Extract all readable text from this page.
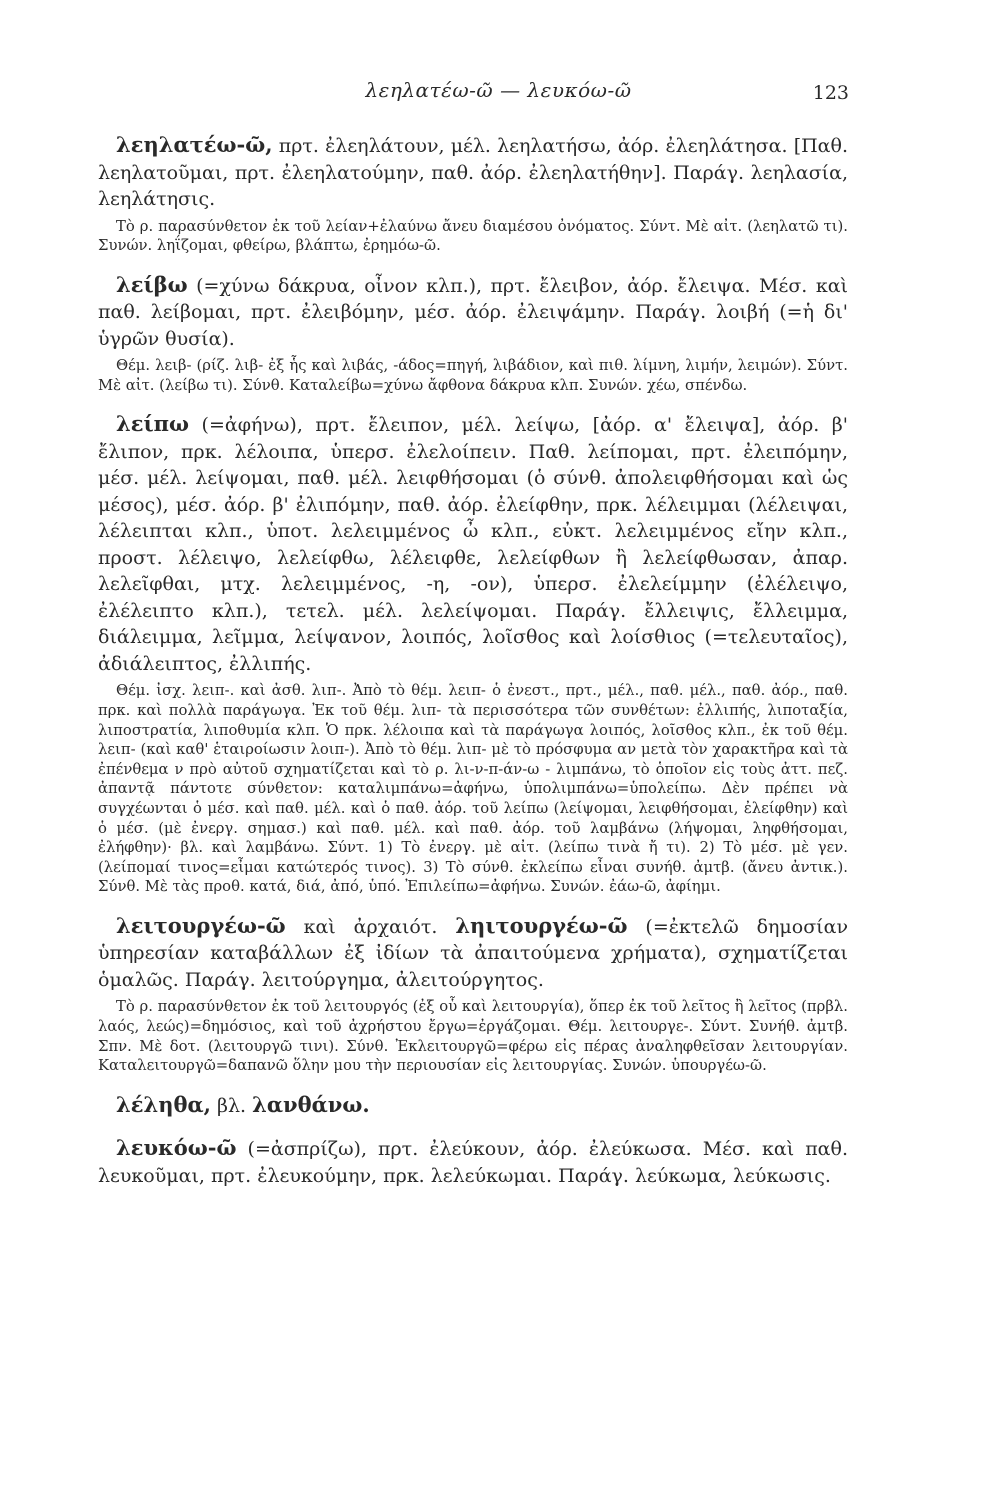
λεηλατέω-ῶ — λευκόω-ῶ	123

λεηλατέω-ῶ, πρτ. ἐλεηλάτουν, μέλ. λεηλατήσω, ἀόρ. ἐλεηλάτησα. [Παθ. λεηλατοῦμαι, πρτ. ἐλεηλατούμην, παθ. ἀόρ. ἐλεηλατήθην]. Παράγ. λεηλασία, λεηλάτησις.

Τὸ ρ. παρασύνθετον ἐκ τοῦ λείαν+ἐλαύνω ἄνευ διαμέσου ὀνόματος. Σύντ. Μὲ αἰτ. (λεηλατῶ τι). Συνών. ληΐζομαι, φθείρω, βλάπτω, ἐρημόω-ῶ.

λείβω (=χύνω δάκρυα, οἶνον κλπ.), πρτ. ἔλειβον, ἀόρ. ἔλειψα. Μέσ. καὶ παθ. λείβομαι, πρτ. ἐλειβόμην, μέσ. ἀόρ. ἐλειψάμην. Παράγ. λοιβή (=ἡ δι' ὑγρῶν θυσία).

Θέμ. λειβ- (ρίζ. λιβ- ἐξ ἧς καὶ λιβάς, -άδος=πηγή, λιβάδιον, καὶ πιθ. λίμνη, λιμήν, λειμών). Σύντ. Μὲ αἰτ. (λείβω τι). Σύνθ. Καταλείβω=χύνω ἄφθονα δάκρυα κλπ. Συνών. χέω, σπένδω.

λείπω (=ἀφήνω), πρτ. ἔλειπον, μέλ. λείψω, [ἀόρ. α' ἔλειψα], ἀόρ. β' ἔλιπον, πρκ. λέλοιπα, ὑπερσ. ἐλελοίπειν. Παθ. λείπομαι, πρτ. ἐλειπόμην, μέσ. μέλ. λείψομαι, παθ. μέλ. λειφθήσομαι (ὁ σύνθ. ἀπολειφθήσομαι καὶ ὡς μέσος), μέσ. ἀόρ. β' ἐλιπόμην, παθ. ἀόρ. ἐλείφθην, πρκ. λέλειμμαι (λέλειψαι, λέλειπται κλπ., ὑποτ. λελειμμένος ὦ κλπ., εὐκτ. λελειμμένος εἴην κλπ., προστ. λέλειψο, λελείφθω, λέλειφθε, λελείφθων ἢ λελείφθωσαν, ἀπαρ. λελεῖφθαι, μτχ. λελειμμένος, -η, -ον), ὑπερσ. ἐλελείμμην (ἐλέλειψο, ἐλέλειπτο κλπ.), τετελ. μέλ. λελείψομαι. Παράγ. ἔλλειψις, ἔλλειμμα, διάλειμμα, λεῖμμα, λείψανον, λοιπός, λοῖσθος καὶ λοίσθιος (=τελευταῖος), ἀδιάλειπτος, ἐλλιπής.

Θέμ. ἰσχ. λειπ-. καὶ ἀσθ. λιπ-. Ἀπὸ τὸ θέμ. λειπ- ὁ ἐνεστ., πρτ., μέλ., παθ. μέλ., παθ. ἀόρ., παθ. πρκ. καὶ πολλὰ παράγωγα. Ἐκ τοῦ θέμ. λιπ- τὰ περισσότερα τῶν συνθέτων: ἐλλιπής, λιποταξία, λιποστρατία, λιποθυμία κλπ. Ὁ πρκ. λέλοιπα καὶ τὰ παράγωγα λοιπός, λοῖσθος κλπ., ἐκ τοῦ θέμ. λειπ- (καὶ καθ' ἑταιροίωσιν λοιπ-). Ἀπὸ τὸ θέμ. λιπ- μὲ τὸ πρόσφυμα αν μετὰ τὸν χαρακτῆρα καὶ τὰ ἐπένθεμα ν πρὸ αὐτοῦ σχηματίζεται καὶ τὸ ρ. λι-ν-π-άν-ω - λιμπάνω, τὸ ὁποῖον εἰς τοὺς ἀττ. πεζ. ἀπαντᾷ πάντοτε σύνθετον: καταλιμπάνω=ἀφήνω, ὑπολιμπάνω=ὑπολείπω. Δὲν πρέπει νὰ συγχέωνται ὁ μέσ. καὶ παθ. μέλ. καὶ ὁ παθ. ἀόρ. τοῦ λείπω (λείψομαι, λειφθήσομαι, ἐλείφθην) καὶ ὁ μέσ. (μὲ ἐνεργ. σημασ.) καὶ παθ. μέλ. καὶ παθ. ἀόρ. τοῦ λαμβάνω (λήψομαι, ληφθήσομαι, ἐλήφθην)· βλ. καὶ λαμβάνω. Σύντ. 1) Τὸ ἐνεργ. μὲ αἰτ. (λείπω τινὰ ἤ τι). 2) Τὸ μέσ. μὲ γεν. (λείπομαί τινος=εἶμαι κατώτερός τινος). 3) Τὸ σύνθ. ἐκλείπω εἶναι συνήθ. ἀμτβ. (ἄνευ ἀντικ.). Σύνθ. Μὲ τὰς προθ. κατά, διά, ἀπό, ὑπό. Ἐπιλείπω=ἀφήνω. Συνών. ἐάω-ῶ, ἀφίημι.

λειτουργέω-ῶ καὶ ἀρχαιότ. ληιτουργέω-ῶ (=ἐκτελῶ δημοσίαν ὑπηρεσίαν καταβάλλων ἐξ ἰδίων τὰ ἀπαιτούμενα χρήματα), σχηματίζεται ὁμαλῶς. Παράγ. λειτούργημα, ἀλειτούργητος.

Τὸ ρ. παρασύνθετον ἐκ τοῦ λειτουργός (ἐξ οὗ καὶ λειτουργία), ὅπερ ἐκ τοῦ λεῖτος ἢ λεῖτος (πρβλ. λαός, λεώς)=δημόσιος, καὶ τοῦ ἀχρήστου ἔργω=ἐργάζομαι. Θέμ. λειτουργε-. Σύντ. Συνήθ. ἀμτβ. Σπν. Μὲ δοτ. (λειτουργῶ τινι). Σύνθ. Ἐκλειτουργῶ=φέρω εἰς πέρας ἀναληφθεῖσαν λειτουργίαν. Καταλειτουργῶ=δαπανῶ ὅλην μου τὴν περιουσίαν εἰς λειτουργίας. Συνών. ὑπουργέω-ῶ.

λέληθα, βλ. λανθάνω.

λευκόω-ῶ (=ἀσπρίζω), πρτ. ἐλεύκουν, ἀόρ. ἐλεύκωσα. Μέσ. καὶ παθ. λευκοῦμαι, πρτ. ἐλευκούμην, πρκ. λελεύκωμαι. Παράγ. λεύκωμα, λεύκωσις.
